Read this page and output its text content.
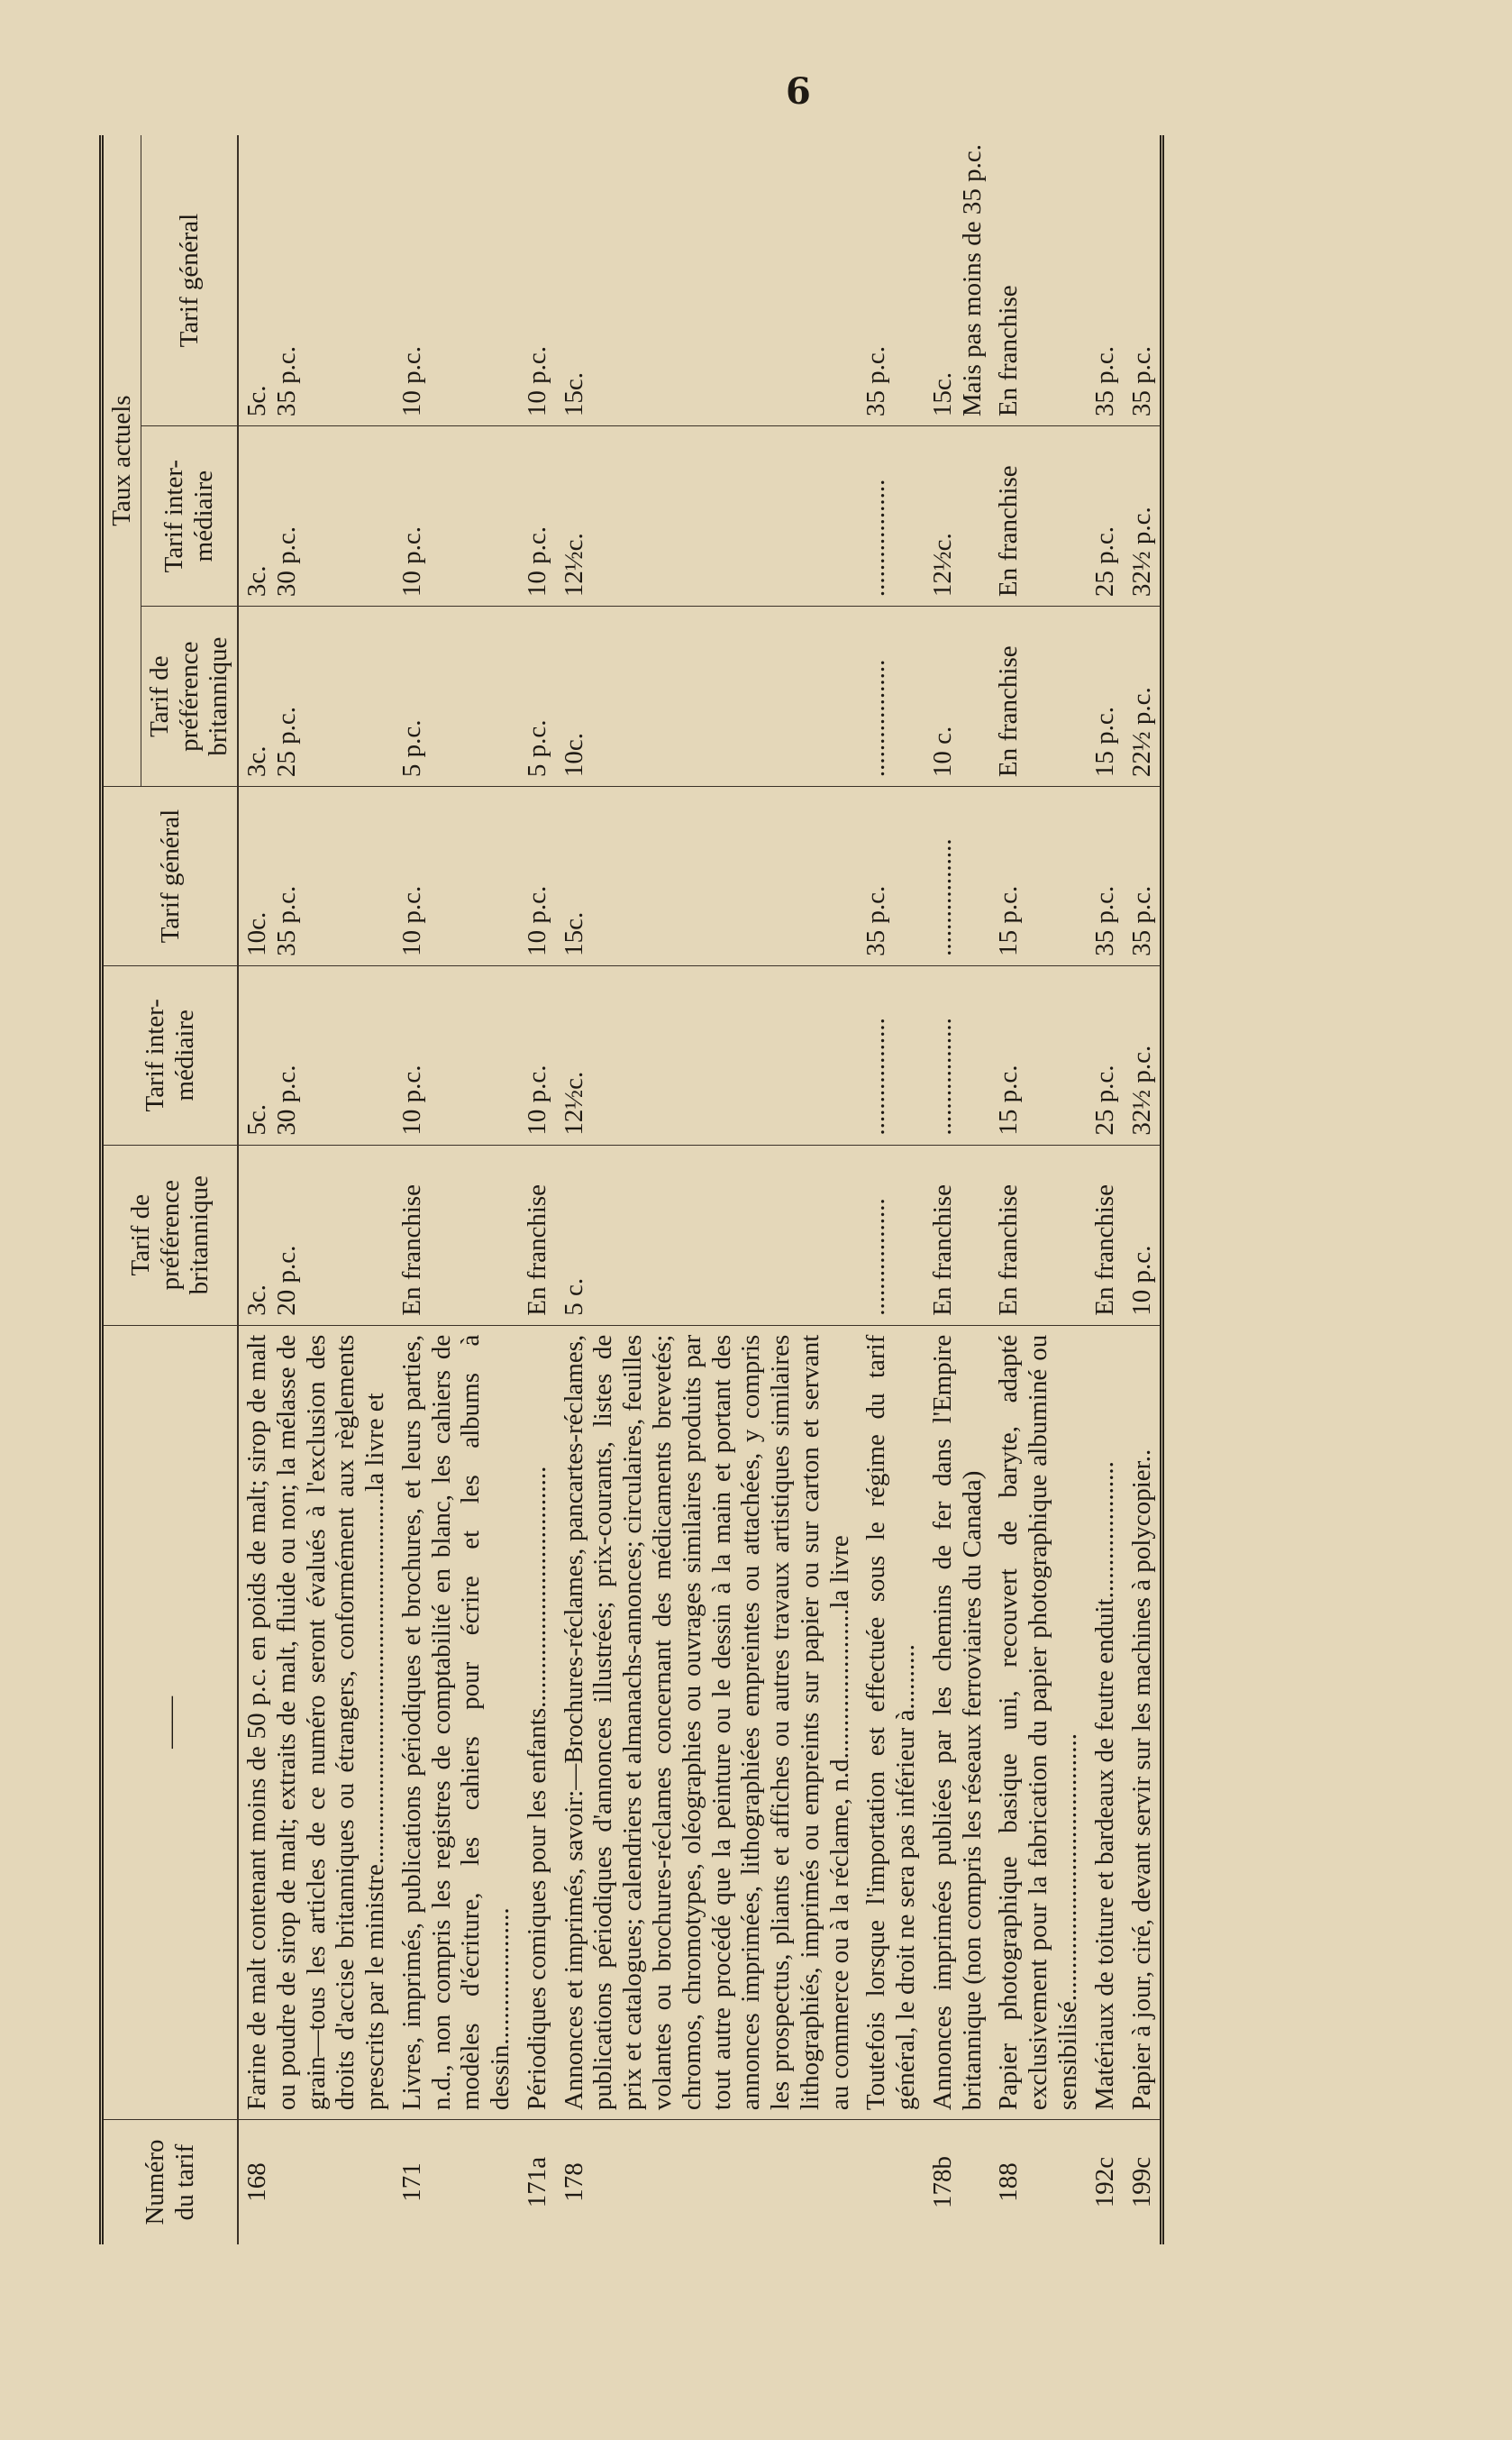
6
Numéro du tarif	——	Tarif de préférence britannique	Tarif inter- médiaire	Tarif général	Taux actuels		
					Tarif de préférence britannique	Tarif inter- médiaire	Tarif général
168	Farine de malt contenant moins de 50 p.c. en poids de malt; sirop de malt ou poudre de sirop de malt; extraits de malt, fluide ou non; la mélasse de grain—tous les articles de ce numéro seront évalués à l'exclusion des droits d'accise britanniques ou étrangers, conformément aux règlements prescrits par le ministre.........................................................la livre et	3c. 20 p.c.	5c. 30 p.c.	10c. 35 p.c.	3c. 25 p.c.	3c. 30 p.c.	5c. 35 p.c.

171	Livres, imprimés, publications périodiques et brochures, et leurs parties, n.d., non compris les registres de comptabilité en blanc, les cahiers de modèles d'écriture, les cahiers pour écrire et les albums à dessin.....................	En franchise	10 p.c.	10 p.c.	5 p.c.	10 p.c.	10 p.c.
171a	Périodiques comiques pour les enfants.....................................	En franchise	10 p.c.	10 p.c.	5 p.c.	10 p.c.	10 p.c.
178	Annonces et imprimés, savoir:—Brochures-réclames, pancartes-réclames, publications périodiques d'annonces illustrées; prix-courants, listes de prix et catalogues; calendriers et almanachs-annonces; circulaires, feuilles volantes ou brochures-réclames concernant des médicaments brevetés; chromos, chromotypes, oléographies ou ouvrages similaires produits par tout autre procédé que la peinture ou le dessin à la main et portant des annonces imprimées, lithographiées empreintes ou attachées, y compris les prospectus, pliants et affiches ou autres travaux artistiques similaires lithographiés, imprimés ou empreints sur papier ou sur carton et servant au commerce ou à la réclame, n.d.......................la livre	5 c.	12½c.	15c.	10c.	12½c.	15c.
	Toutefois lorsque l'importation est effectuée sous le régime du tarif général, le droit ne sera pas inférieur à..........	..................	..................	35 p.c.	..................	..................	35 p.c.
178b	Annonces imprimées publiées par les chemins de fer dans l'Empire britannique (non compris les réseaux ferroviaires du Canada)	En franchise	..................	..................	10 c.	12½c.	15c. Mais pas moins de 35 p.c.

188	Papier photographique basique uni, recouvert de baryte, adapté exclusivement pour la fabrication du papier photographique albuminé ou sensibilisé.........................................	En franchise	15 p.c.	15 p.c.	En franchise	En franchise	En franchise
192c	Matériaux de toiture et bardeaux de feutre enduit.....................	En franchise	25 p.c.	35 p.c.	15 p.c.	25 p.c.	35 p.c.
199c	Papier à jour, ciré, devant servir sur les machines à polycopier..	10 p.c.	32½ p.c.	35 p.c.	22½ p.c.	32½ p.c.	35 p.c.
